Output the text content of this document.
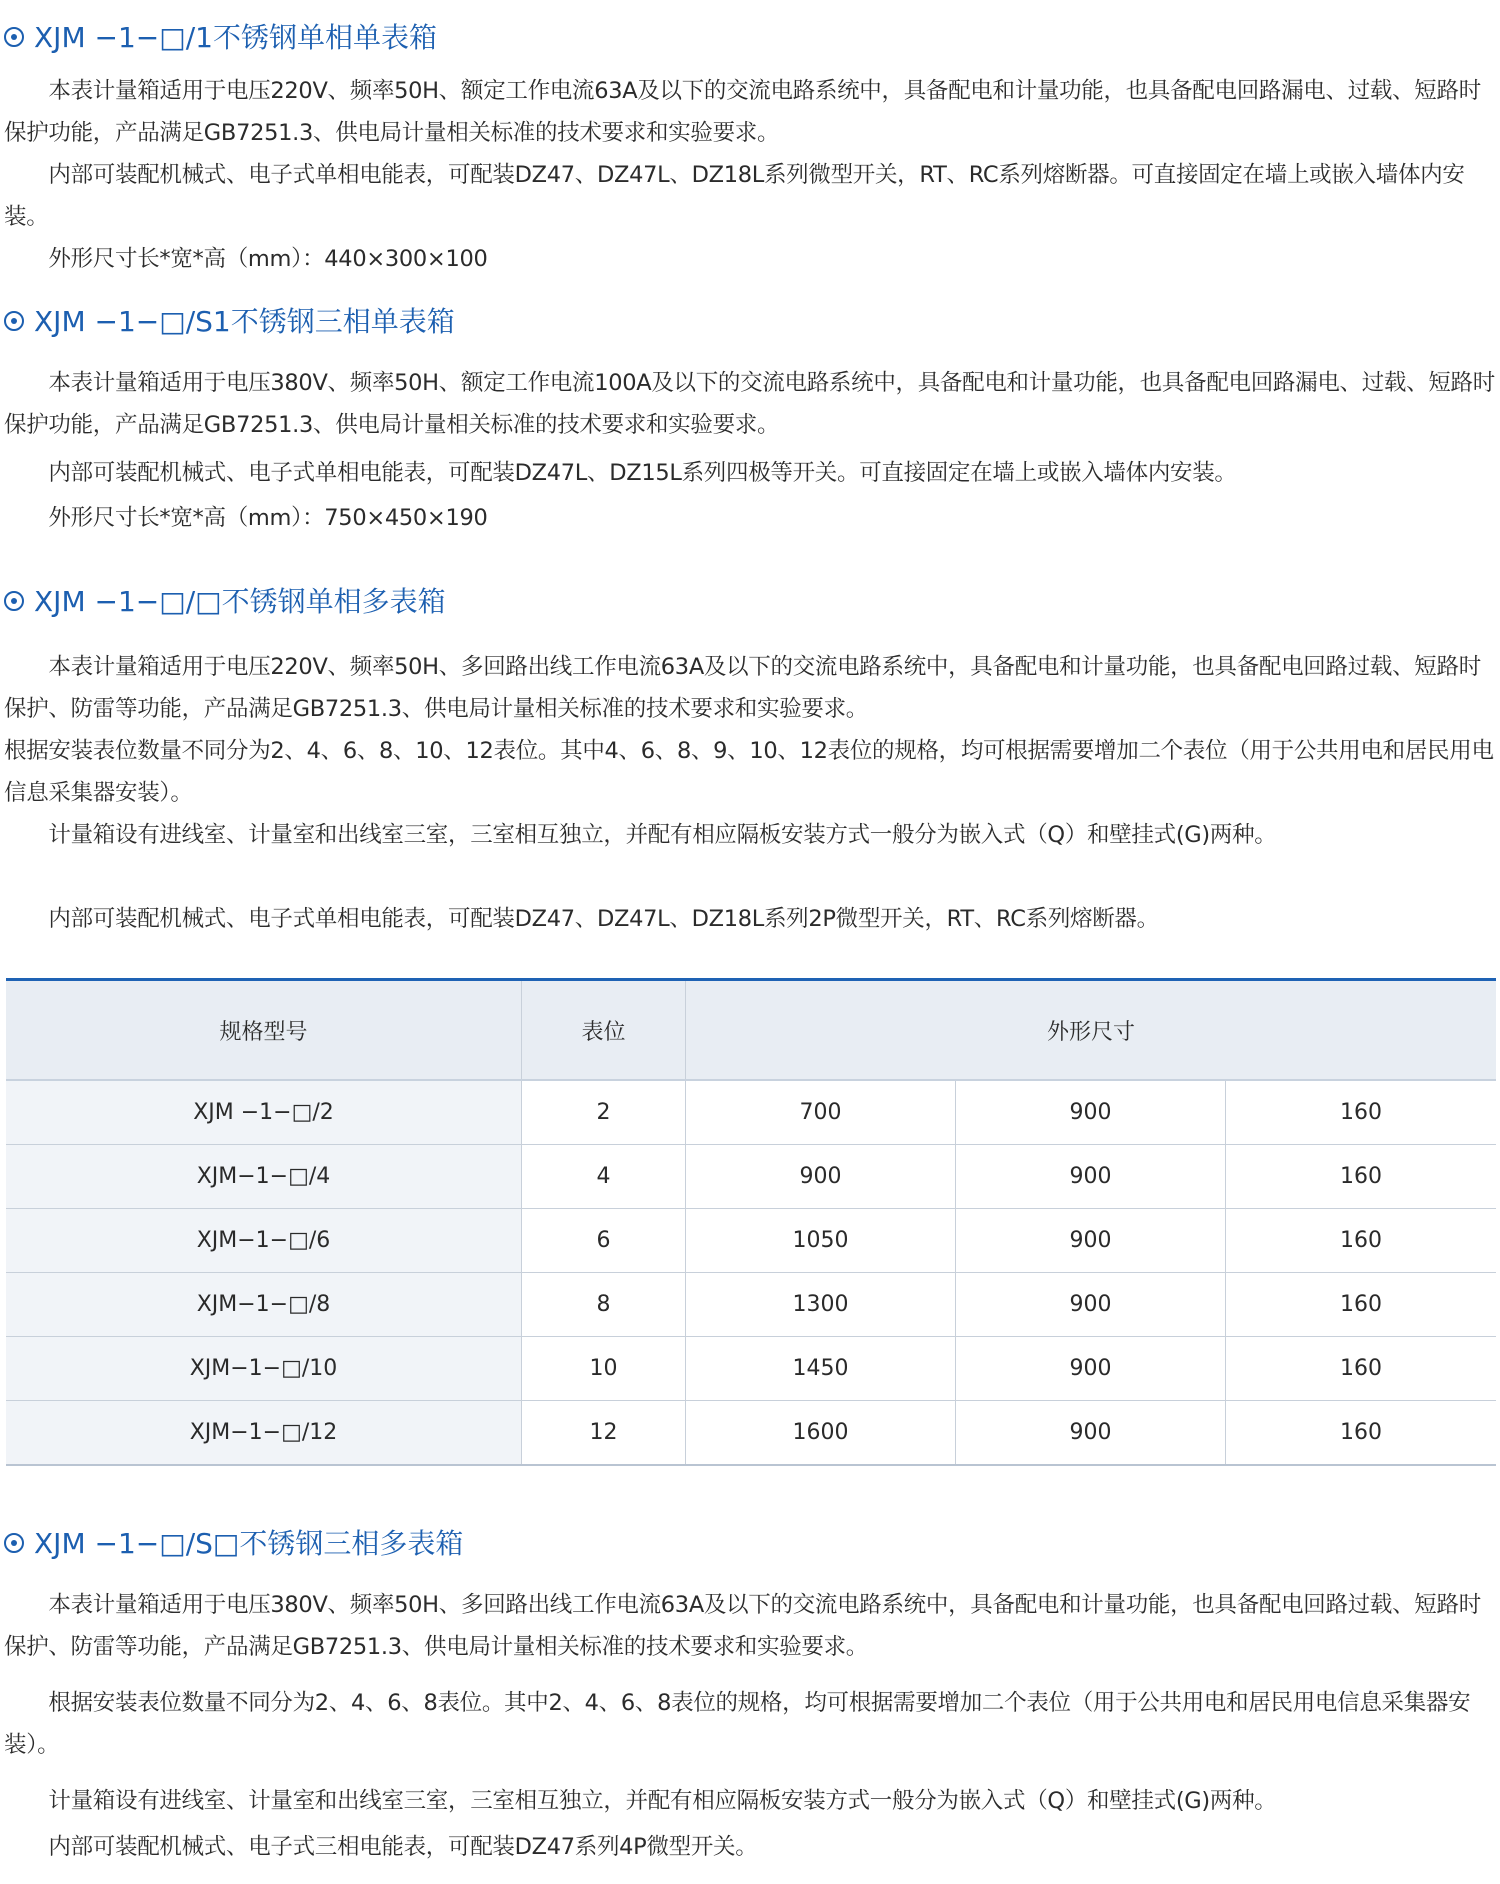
XJM −1−□/1不锈钢单相单表箱
　　本表计量箱适用于电压220V、频率50H、额定工作电流63A及以下的交流电路系统中，具备配电和计量功能，也具备配电回路漏电、过载、短路时保护功能，产品满足GB7251.3、供电局计量相关标准的技术要求和实验要求。
　　内部可装配机械式、电子式单相电能表，可配装DZ47、DZ47L、DZ18L系列微型开关，RT、RC系列熔断器。可直接固定在墙上或嵌入墙体内安装。
　　外形尺寸长*宽*高（mm）：440×300×100
XJM −1−□/S1不锈钢三相单表箱
　　本表计量箱适用于电压380V、频率50H、额定工作电流100A及以下的交流电路系统中，具备配电和计量功能，也具备配电回路漏电、过载、短路时保护功能，产品满足GB7251.3、供电局计量相关标准的技术要求和实验要求。
　　内部可装配机械式、电子式单相电能表，可配装DZ47L、DZ15L系列四极等开关。可直接固定在墙上或嵌入墙体内安装。
　　外形尺寸长*宽*高（mm）：750×450×190
XJM −1−□/□不锈钢单相多表箱
　　本表计量箱适用于电压220V、频率50H、多回路出线工作电流63A及以下的交流电路系统中，具备配电和计量功能，也具备配电回路过载、短路时保护、防雷等功能，产品满足GB7251.3、供电局计量相关标准的技术要求和实验要求。
根据安装表位数量不同分为2、4、6、8、10、12表位。其中4、6、8、9、10、12表位的规格，均可根据需要增加二个表位（用于公共用电和居民用电信息采集器安装）。
　　计量箱设有进线室、计量室和出线室三室，三室相互独立，并配有相应隔板安装方式一般分为嵌入式（Q）和壁挂式(G)两种。
　　内部可装配机械式、电子式单相电能表，可配装DZ47、DZ47L、DZ18L系列2P微型开关，RT、RC系列熔断器。
规格型号	表位	外形尺寸
XJM −1−□/2	2	700	900	160
XJM−1−□/4	4	900	900	160
XJM−1−□/6	6	1050	900	160
XJM−1−□/8	8	1300	900	160
XJM−1−□/10	10	1450	900	160
XJM−1−□/12	12	1600	900	160
XJM −1−□/S□不锈钢三相多表箱
　　本表计量箱适用于电压380V、频率50H、多回路出线工作电流63A及以下的交流电路系统中，具备配电和计量功能，也具备配电回路过载、短路时保护、防雷等功能，产品满足GB7251.3、供电局计量相关标准的技术要求和实验要求。
　　根据安装表位数量不同分为2、4、6、8表位。其中2、4、6、8表位的规格，均可根据需要增加二个表位（用于公共用电和居民用电信息采集器安装）。
　　计量箱设有进线室、计量室和出线室三室，三室相互独立，并配有相应隔板安装方式一般分为嵌入式（Q）和壁挂式(G)两种。
　　内部可装配机械式、电子式三相电能表，可配装DZ47系列4P微型开关。
